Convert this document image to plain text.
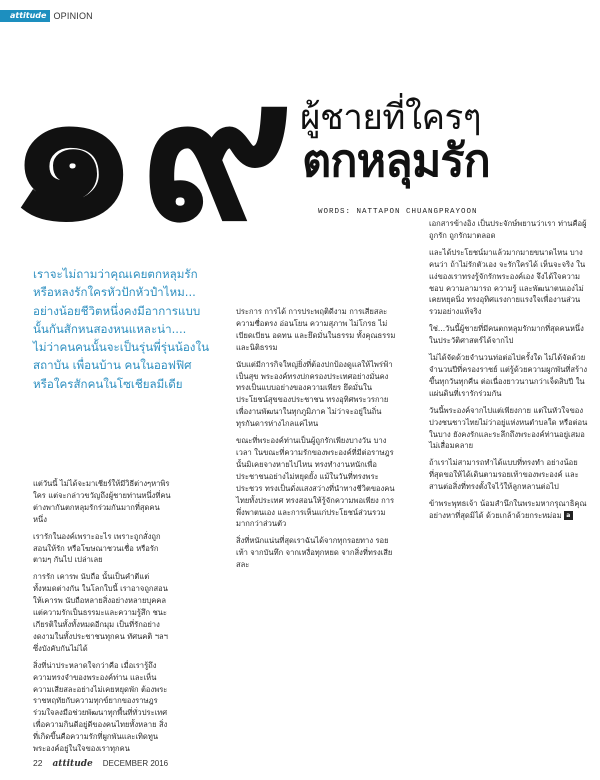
attitude OPINION
๑๙ ผู้ชายที่ใครๆ
ตกหลุมรัก
WORDS: NATTAPON CHUANGPRAYOON
เราจะไม่ถามว่าคุณเคยตกหลุมรัก
หรือหลงรักใครหัวปักหัวปำไหม...
อย่างน้อยชีวิตหนึ่งคงมีอาการแบบ
นั้นกันสักหนสองหนแหละน่า....
ไม่ว่าคนคนนั้นจะเป็นรุ่นพี่รุ่นน้องใน
สถาบัน เพื่อนบ้าน คนในออฟฟิศ
หรือใครสักคนในโซเชียลมีเดีย

แต่วันนี้ ไม่ได้จะมาเชียร์ให้มีวิธีต่างๆหาพิรใคร แต่จะกล่าวขวัญถึงผู้ชายท่านหนึ่งที่คนต่างพากันตกหลุมรักร่วมกันมากที่สุดคนหนึ่ง

เรารักในองค์เพราะอะไร เพราะถูกสั่งถูกสอนให้รัก หรือโฆษณาชวนเชื่อ หรือรักตามๆ กันไป เปล่าเลย

การรัก เคารพ นับถือ นั้นเป็นคำตีแต่ทั้งหมดต่างกัน ในโลกใบนี้ เราอาจถูกสอนให้เคารพ นับถือหลายสิ่งอย่างหลายบุคคล แต่ความรักเป็นธรรมะและความรู้สึก ชนะเกียรติในทั้งทั้งหมดอีกมุม เป็นที่รักอย่างงดงามในทั้งประชาชนทุกคน ทัศนคติ ฯลฯ ซึ่งบังคับกันไม่ได้

สิ่งที่น่าประหลาดใจกว่าคือ เมื่อเรารู้ถึงความทรงจำของพระองค์ท่าน และเห็นความเสียสละอย่างไม่เคยหยุดพัก ต้องพระราชหฤทัยกับความทุกข์ยากของราษฎร ร่วมใจลงมือช่วยพัฒนาทุกพื้นที่ทั่วประเทศ เพื่อความกินดีอยู่ดีของคนไทยทั้งหลาย สิ่งที่เกิดขึ้นคือความรักที่ผูกพันและเทิดทูนพระองค์อยู่ในใจของเราทุกคน

ประการ การได้ การประพฤติดีงาม การเสียสละ ความซื่อตรง อ่อนโยน ความสุภาพ ไม่โกรธ ไม่เบียดเบียน อดทน และยึดมั่นในธรรม ทั้งคุณธรรมและนิติธรรม

นับแต่มีการกิจใหญ่ยิ่งที่ต้องปกป้องดูแลให้ไพร่ฟ้าเป็นสุข พระองค์ทรงปกครองประเทศอย่างมั่นคง ทรงเป็นแบบอย่างของความเพียร ยึดมั่นในประโยชน์สุขของประชาชน ทรงอุทิศพระวรกายเพื่องานพัฒนาในทุกภูมิภาค ไม่ว่าจะอยู่ในถิ่นทุรกันดารห่างไกลแค่ไหน

ขณะที่พระองค์ท่านเป็นผู้ถูกรักเพียงบางวัน บางเวลา ในขณะที่ความรักของพระองค์ที่มีต่อราษฎรนั้นมิเคยจางหายไปไหน ทรงทำงานหนักเพื่อประชาชนอย่างไม่หยุดยั้ง แม้ในวันที่ทรงพระประชวร ทรงเป็นดั่งแสงสว่างที่นำทางชีวิตของคนไทยทั้งประเทศ ทรงสอนให้รู้จักความพอเพียง การพึ่งพาตนเอง และการเห็นแก่ประโยชน์ส่วนรวมมากกว่าส่วนตัว

สิ่งที่หนักแน่นที่สุดเราฉันได้จากทุกรอยทาง รอยเท้า จากบันทึก จากเหงื่อทุกหยด จากสิ่งที่ทรงเสียสละ

เอกสารข้างอิง เป็นประจักษ์พยานว่าเรา ท่านคือผู้ถูกรัก ถูกรักมาตลอด

และได้ประโยชน์มาแล้วมากมายขนาดไหน บางคนว่า ถ้าไม่รักตัวเอง จะรักใครได้ เห็นจะจริง ในแง่ของเราทรงรู้จักรักพระองค์เอง จึงได้ใจความชอบ ความลามารถ ความรู้ และพัฒนาตนเองไม่เคยหยุดนิ่ง ทรงอุทิศแรงกายแรงใจเพื่องานส่วนรวมอย่างแท้จริง

ใช่...วันนี้ผู้ชายที่มีคนตกหลุมรักมากที่สุดคนหนึ่งในประวัติศาสตร์ได้จากไป

ไม่ได้จัดด้วยจำนวนท่อต่อไปครั้งใด ไม่ได้จัดด้วยจำนวนปีที่ครองราชย์ แต่รู้ด้วยความผูกพันที่สร้างขึ้นทุกวันทุกคืน ต่อเนื่องยาวนานกว่าเจ็ดสิบปี ในแผ่นดินที่เรารักร่วมกัน

วันนี้พระองค์จากไปแต่เพียงกาย แต่ในหัวใจของปวงชนชาวไทยไม่ว่าอยู่แห่งหนตำบลใด หรือต่อนในบาง ยังคงรักและระลึกถึงพระองค์ท่านอยู่เสมอไม่เสื่อมคลาย

ถ้าเราไม่สามารถทำได้แบบที่ทรงทำ อย่างน้อยที่สุดขอให้ได้เดินตามรอยเท้าของพระองค์ และสานต่อสิ่งที่ทรงตั้งใจไว้ให้ลูกหลานต่อไป

ข้าพระพุทธเจ้า น้อมสำนึกในพระมหากรุณาธิคุณอย่างหาที่สุดมิได้ ด้วยเกล้าด้วยกระหม่อม a

22 attitude DECEMBER 2016
